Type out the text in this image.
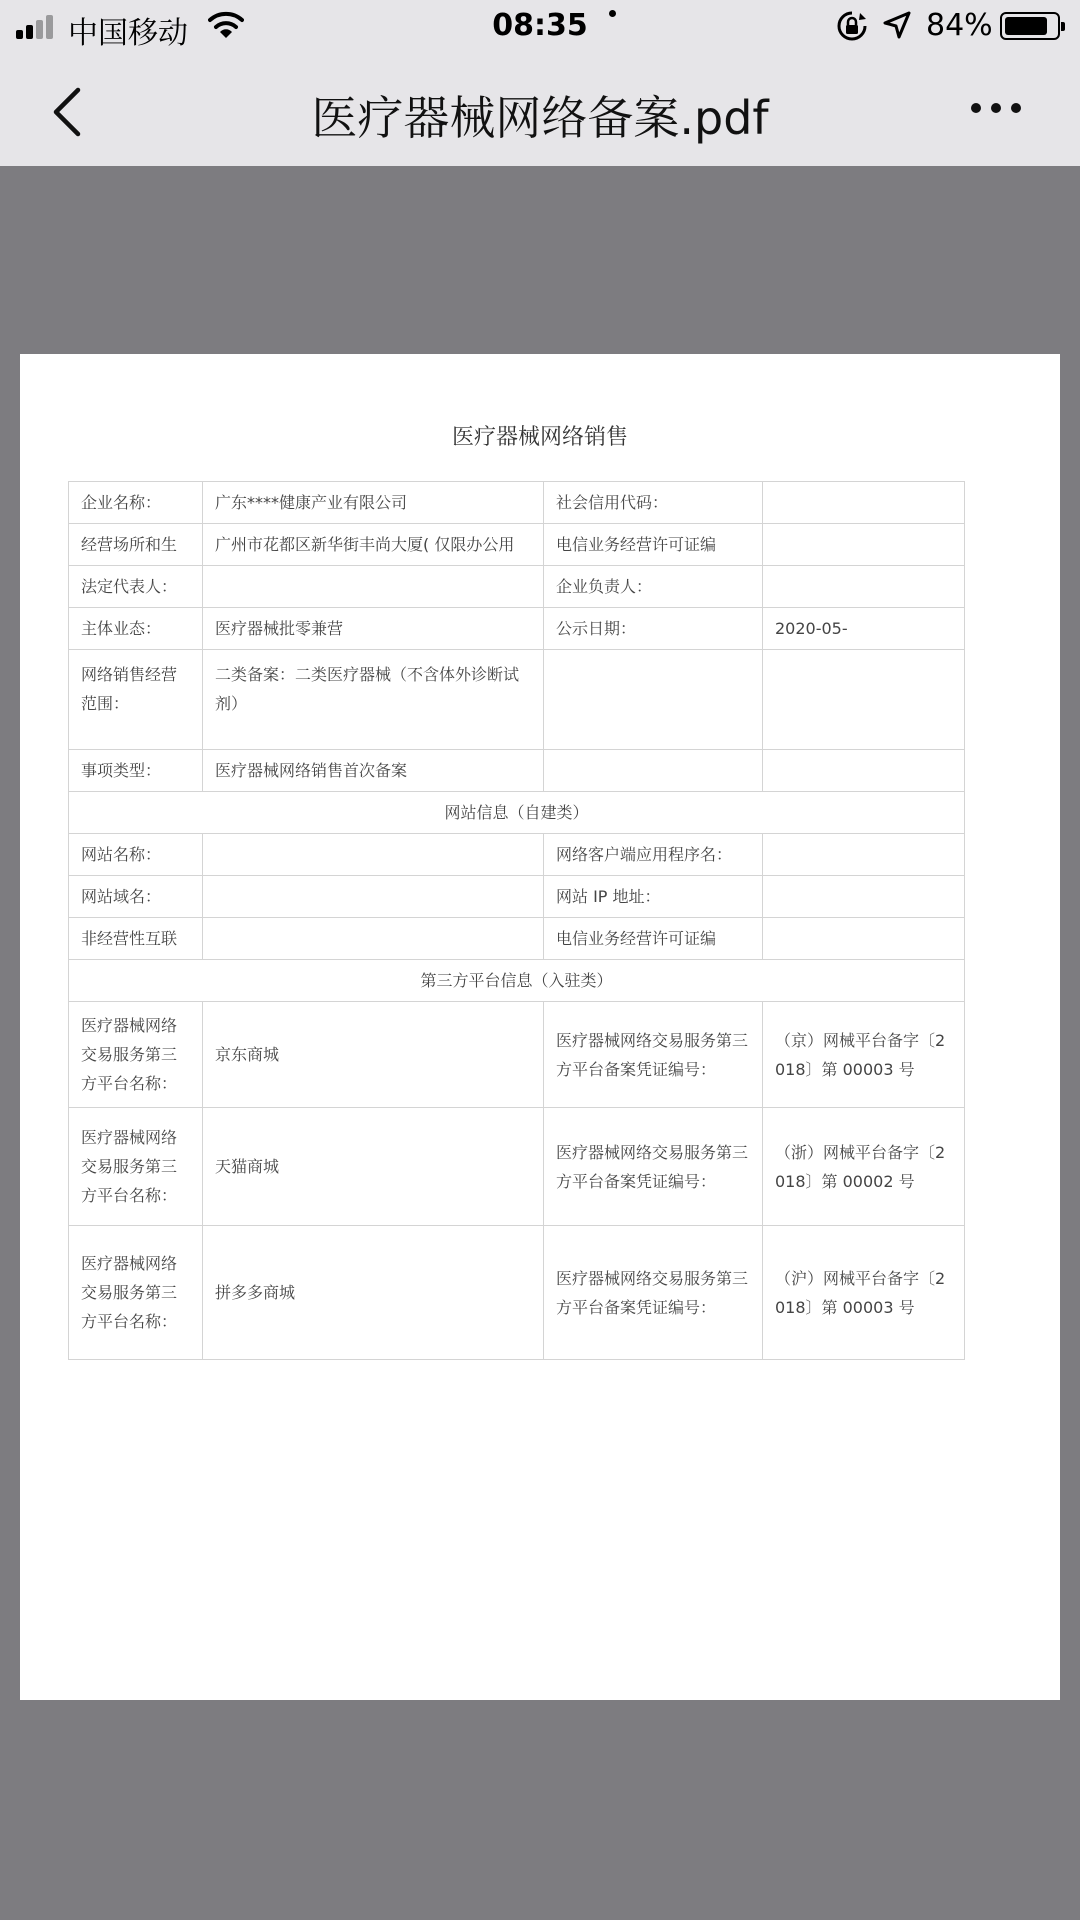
中国移动	08:35	84%
医疗器械网络备案.pdf
医疗器械网络销售
企业名称：	广东****健康产业有限公司	社会信用代码：	
经营场所和生	广州市花都区新华街丰尚大厦( 仅限办公用	电信业务经营许可证编	
法定代表人：		企业负责人：	
主体业态：	医疗器械批零兼营	公示日期：	2020-05-
网络销售经营范围：	二类备案：二类医疗器械（不含体外诊断试剂）		
事项类型：	医疗器械网络销售首次备案		
网站信息（自建类）			
网站名称：		网络客户端应用程序名：	
网站域名：		网站 IP 地址：	
非经营性互联		电信业务经营许可证编	
第三方平台信息（入驻类）			
医疗器械网络交易服务第三方平台名称：	京东商城	医疗器械网络交易服务第三方平台备案凭证编号：	（京）网械平台备字〔2018〕第 00003 号
医疗器械网络交易服务第三方平台名称：	天猫商城	医疗器械网络交易服务第三方平台备案凭证编号：	（浙）网械平台备字〔2018〕第 00002 号
医疗器械网络交易服务第三方平台名称：	拼多多商城	医疗器械网络交易服务第三方平台备案凭证编号：	（沪）网械平台备字〔2018〕第 00003 号
